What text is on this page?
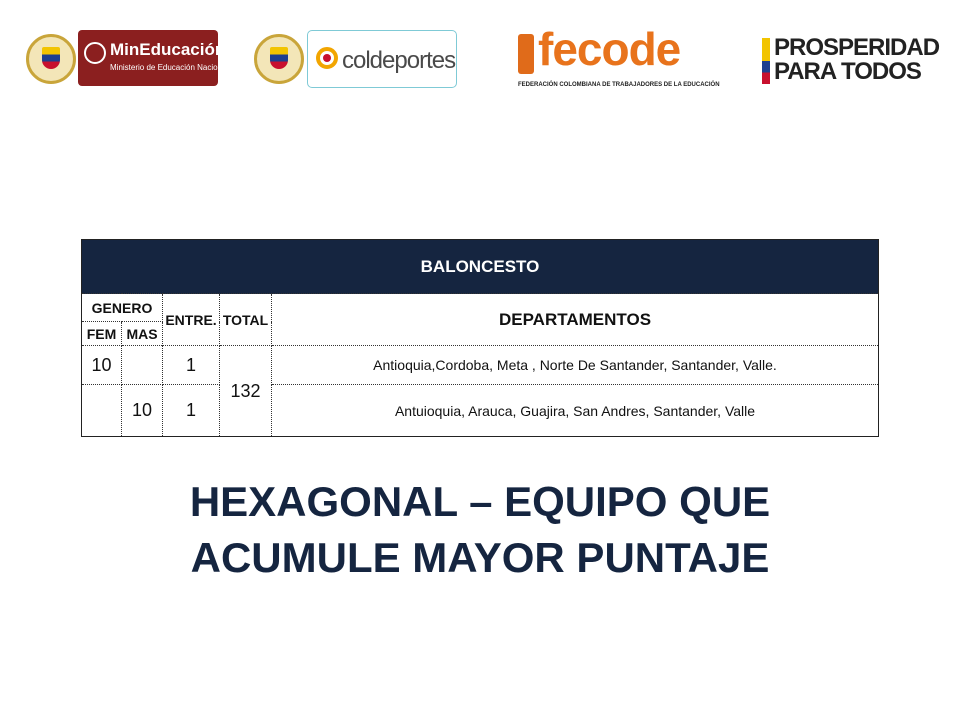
MinEducación
Ministerio de Educación Nacional	coldeportes fecode
FEDERACIÓN COLOMBIANA DE TRABAJADORES DE LA EDUCACIÓN
PROSPERIDAD
PARA TODOS
BALONCESTO				
GENERO		ENTRE.	TOTAL	DEPARTAMENTOS
FEM	MAS			
10		1	132	Antioquia,Cordoba, Meta , Norte De Santander, Santander, Valle.
	10	1		Antuioquia, Arauca, Guajira, San Andres, Santander, Valle
HEXAGONAL – EQUIPO QUE
ACUMULE MAYOR PUNTAJE
